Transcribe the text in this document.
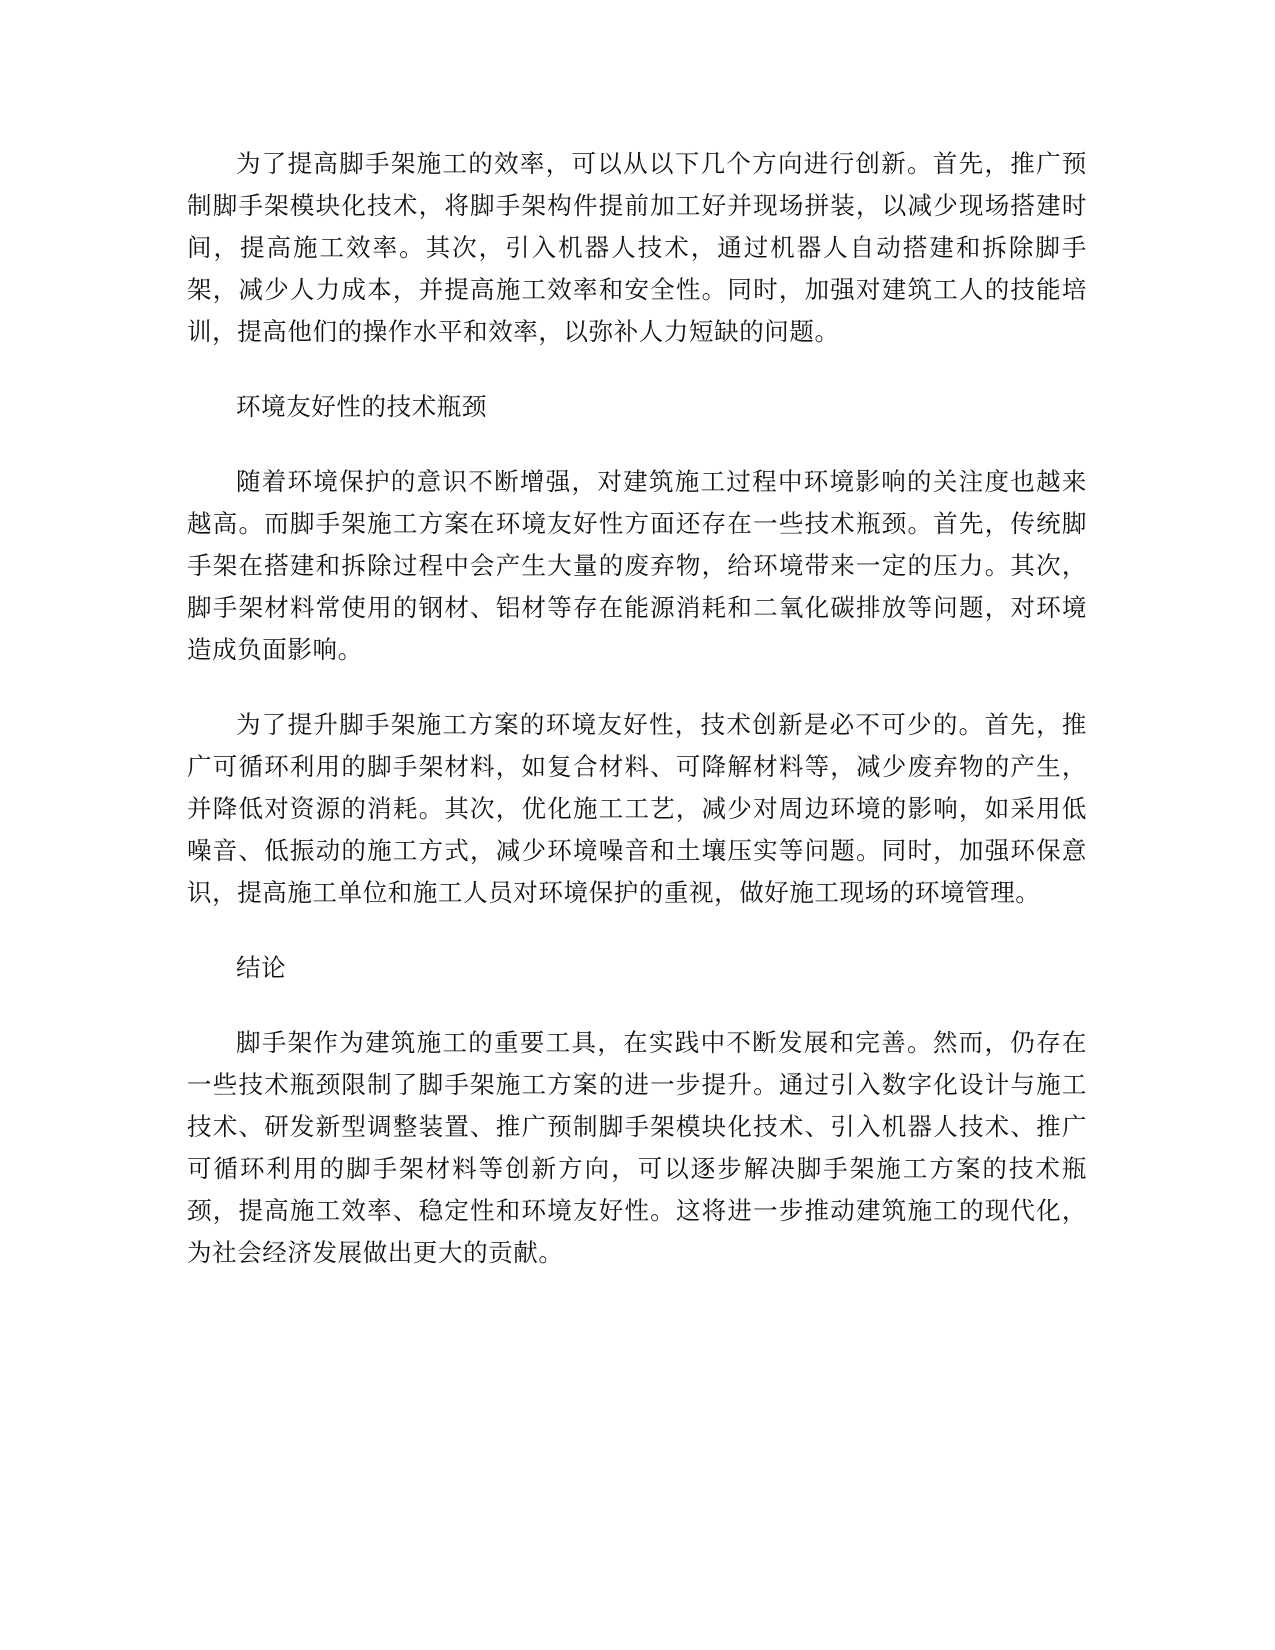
为了提高脚手架施工的效率，可以从以下几个方向进行创新。首先，推广预制脚手架模块化技术，将脚手架构件提前加工好并现场拼装，以减少现场搭建时间，提高施工效率。其次，引入机器人技术，通过机器人自动搭建和拆除脚手架，减少人力成本，并提高施工效率和安全性。同时，加强对建筑工人的技能培训，提高他们的操作水平和效率，以弥补人力短缺的问题。

环境友好性的技术瓶颈

随着环境保护的意识不断增强，对建筑施工过程中环境影响的关注度也越来越高。而脚手架施工方案在环境友好性方面还存在一些技术瓶颈。首先，传统脚手架在搭建和拆除过程中会产生大量的废弃物，给环境带来一定的压力。其次，脚手架材料常使用的钢材、铝材等存在能源消耗和二氧化碳排放等问题，对环境造成负面影响。

为了提升脚手架施工方案的环境友好性，技术创新是必不可少的。首先，推广可循环利用的脚手架材料，如复合材料、可降解材料等，减少废弃物的产生，并降低对资源的消耗。其次，优化施工工艺，减少对周边环境的影响，如采用低噪音、低振动的施工方式，减少环境噪音和土壤压实等问题。同时，加强环保意识，提高施工单位和施工人员对环境保护的重视，做好施工现场的环境管理。

结论

脚手架作为建筑施工的重要工具，在实践中不断发展和完善。然而，仍存在一些技术瓶颈限制了脚手架施工方案的进一步提升。通过引入数字化设计与施工技术、研发新型调整装置、推广预制脚手架模块化技术、引入机器人技术、推广可循环利用的脚手架材料等创新方向，可以逐步解决脚手架施工方案的技术瓶颈，提高施工效率、稳定性和环境友好性。这将进一步推动建筑施工的现代化，为社会经济发展做出更大的贡献。
